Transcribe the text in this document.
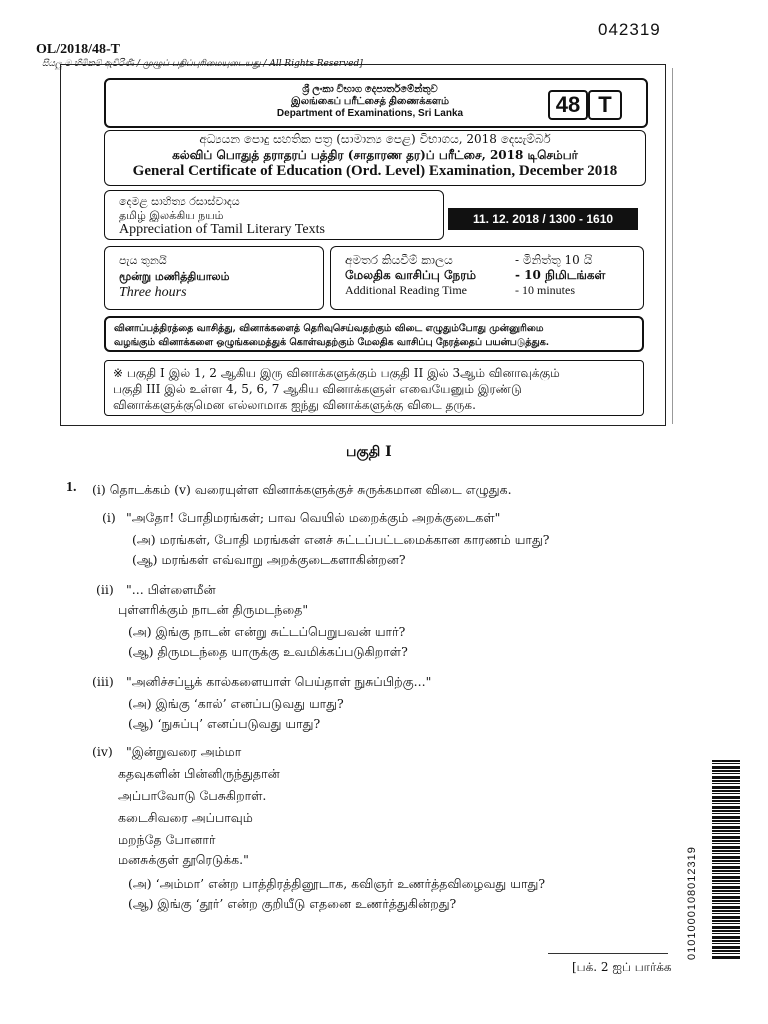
042319
OL/2018/48-T
සියලු ම හිමිකම් ඇවිරිණි / முழுப் பதிப்புரிமையுடையது / All Rights Reserved]
ශ්‍රී ලංකා විභාග දෙපාර්තමේන්තුව
இலங்கைப் பரீட்சைத் திணைக்களம்
Department of Examinations, Sri Lanka	48 T
අධ්‍යයන පොදු සහතික පත්‍ර (සාමාන්‍ය පෙළ) විභාගය, 2018 දෙසැම්බර්
கல்விப் பொதுத் தராதரப் பத்திர (சாதாரண தர)ப் பரீட்சை, 2018 டிசெம்பர்
General Certificate of Education (Ord. Level) Examination, December 2018
දෙමළ සාහිත්‍ය රසාස්වාදය
தமிழ் இலக்கிய நயம்
Appreciation of Tamil Literary Texts
11. 12. 2018 / 1300 - 1610
පැය තුනයි
மூன்று மணித்தியாலம்
Three hours
අමතර කියවීම් කාලය	- මිනිත්තු 10 යි
மேலதிக வாசிப்பு நேரம்	- 10 நிமிடங்கள்
Additional Reading Time	- 10 minutes
வினாப்பத்திரத்தை வாசித்து, வினாக்களைத் தெரிவுசெய்வதற்கும் விடை எழுதும்போது முன்னுரிமை
வழங்கும் வினாக்களை ஒழுங்கமைத்துக் கொள்வதற்கும் மேலதிக வாசிப்பு நேரத்தைப் பயன்படுத்துக.
※ பகுதி I இல் 1, 2 ஆகிய இரு வினாக்களுக்கும் பகுதி II இல் 3ஆம் வினாவுக்கும்
பகுதி III இல் உள்ள 4, 5, 6, 7 ஆகிய வினாக்களுள் எவையேனும் இரண்டு
வினாக்களுக்குமென எல்லாமாக ஐந்து வினாக்களுக்கு விடை தருக.
பகுதி I
1. (i) தொடக்கம் (v) வரையுள்ள வினாக்களுக்குச் சுருக்கமான விடை எழுதுக.
(i) "அதோ! போதிமரங்கள்; பாவ வெயில் மறைக்கும் அறக்குடைகள்"
(அ) மரங்கள், போதி மரங்கள் எனச் சுட்டப்பட்டமைக்கான காரணம் யாது?
(ஆ) மரங்கள் எவ்வாறு அறக்குடைகளாகின்றன?
(ii) "... பிள்ளைமீன்
புள்ளரிக்கும் நாடன் திருமடந்தை"
(அ) இங்கு நாடன் என்று சுட்டப்பெறுபவன் யார்?
(ஆ) திருமடந்தை யாருக்கு உவமிக்கப்படுகிறாள்?
(iii) "அனிச்சப்பூக் கால்களையாள் பெய்தாள் நுசுப்பிற்கு..."
(அ) இங்கு ‘கால்’ எனப்படுவது யாது?
(ஆ) ‘நுசுப்பு’ எனப்படுவது யாது?
(iv) "இன்றுவரை அம்மா
கதவுகளின் பின்னிருந்துதான்
அப்பாவோடு பேசுகிறாள்.
கடைசிவரை அப்பாவும்
மறந்தே போனார்
மனசுக்குள் தூரெடுக்க."
(அ) ‘அம்மா’ என்ற பாத்திரத்தினூடாக, கவிஞர் உணர்த்தவிழைவது யாது?
(ஆ) இங்கு ‘தூர்’ என்ற குறியீடு எதனை உணர்த்துகின்றது?	0101000108012319
[பக். 2 ஐப் பார்க்க
